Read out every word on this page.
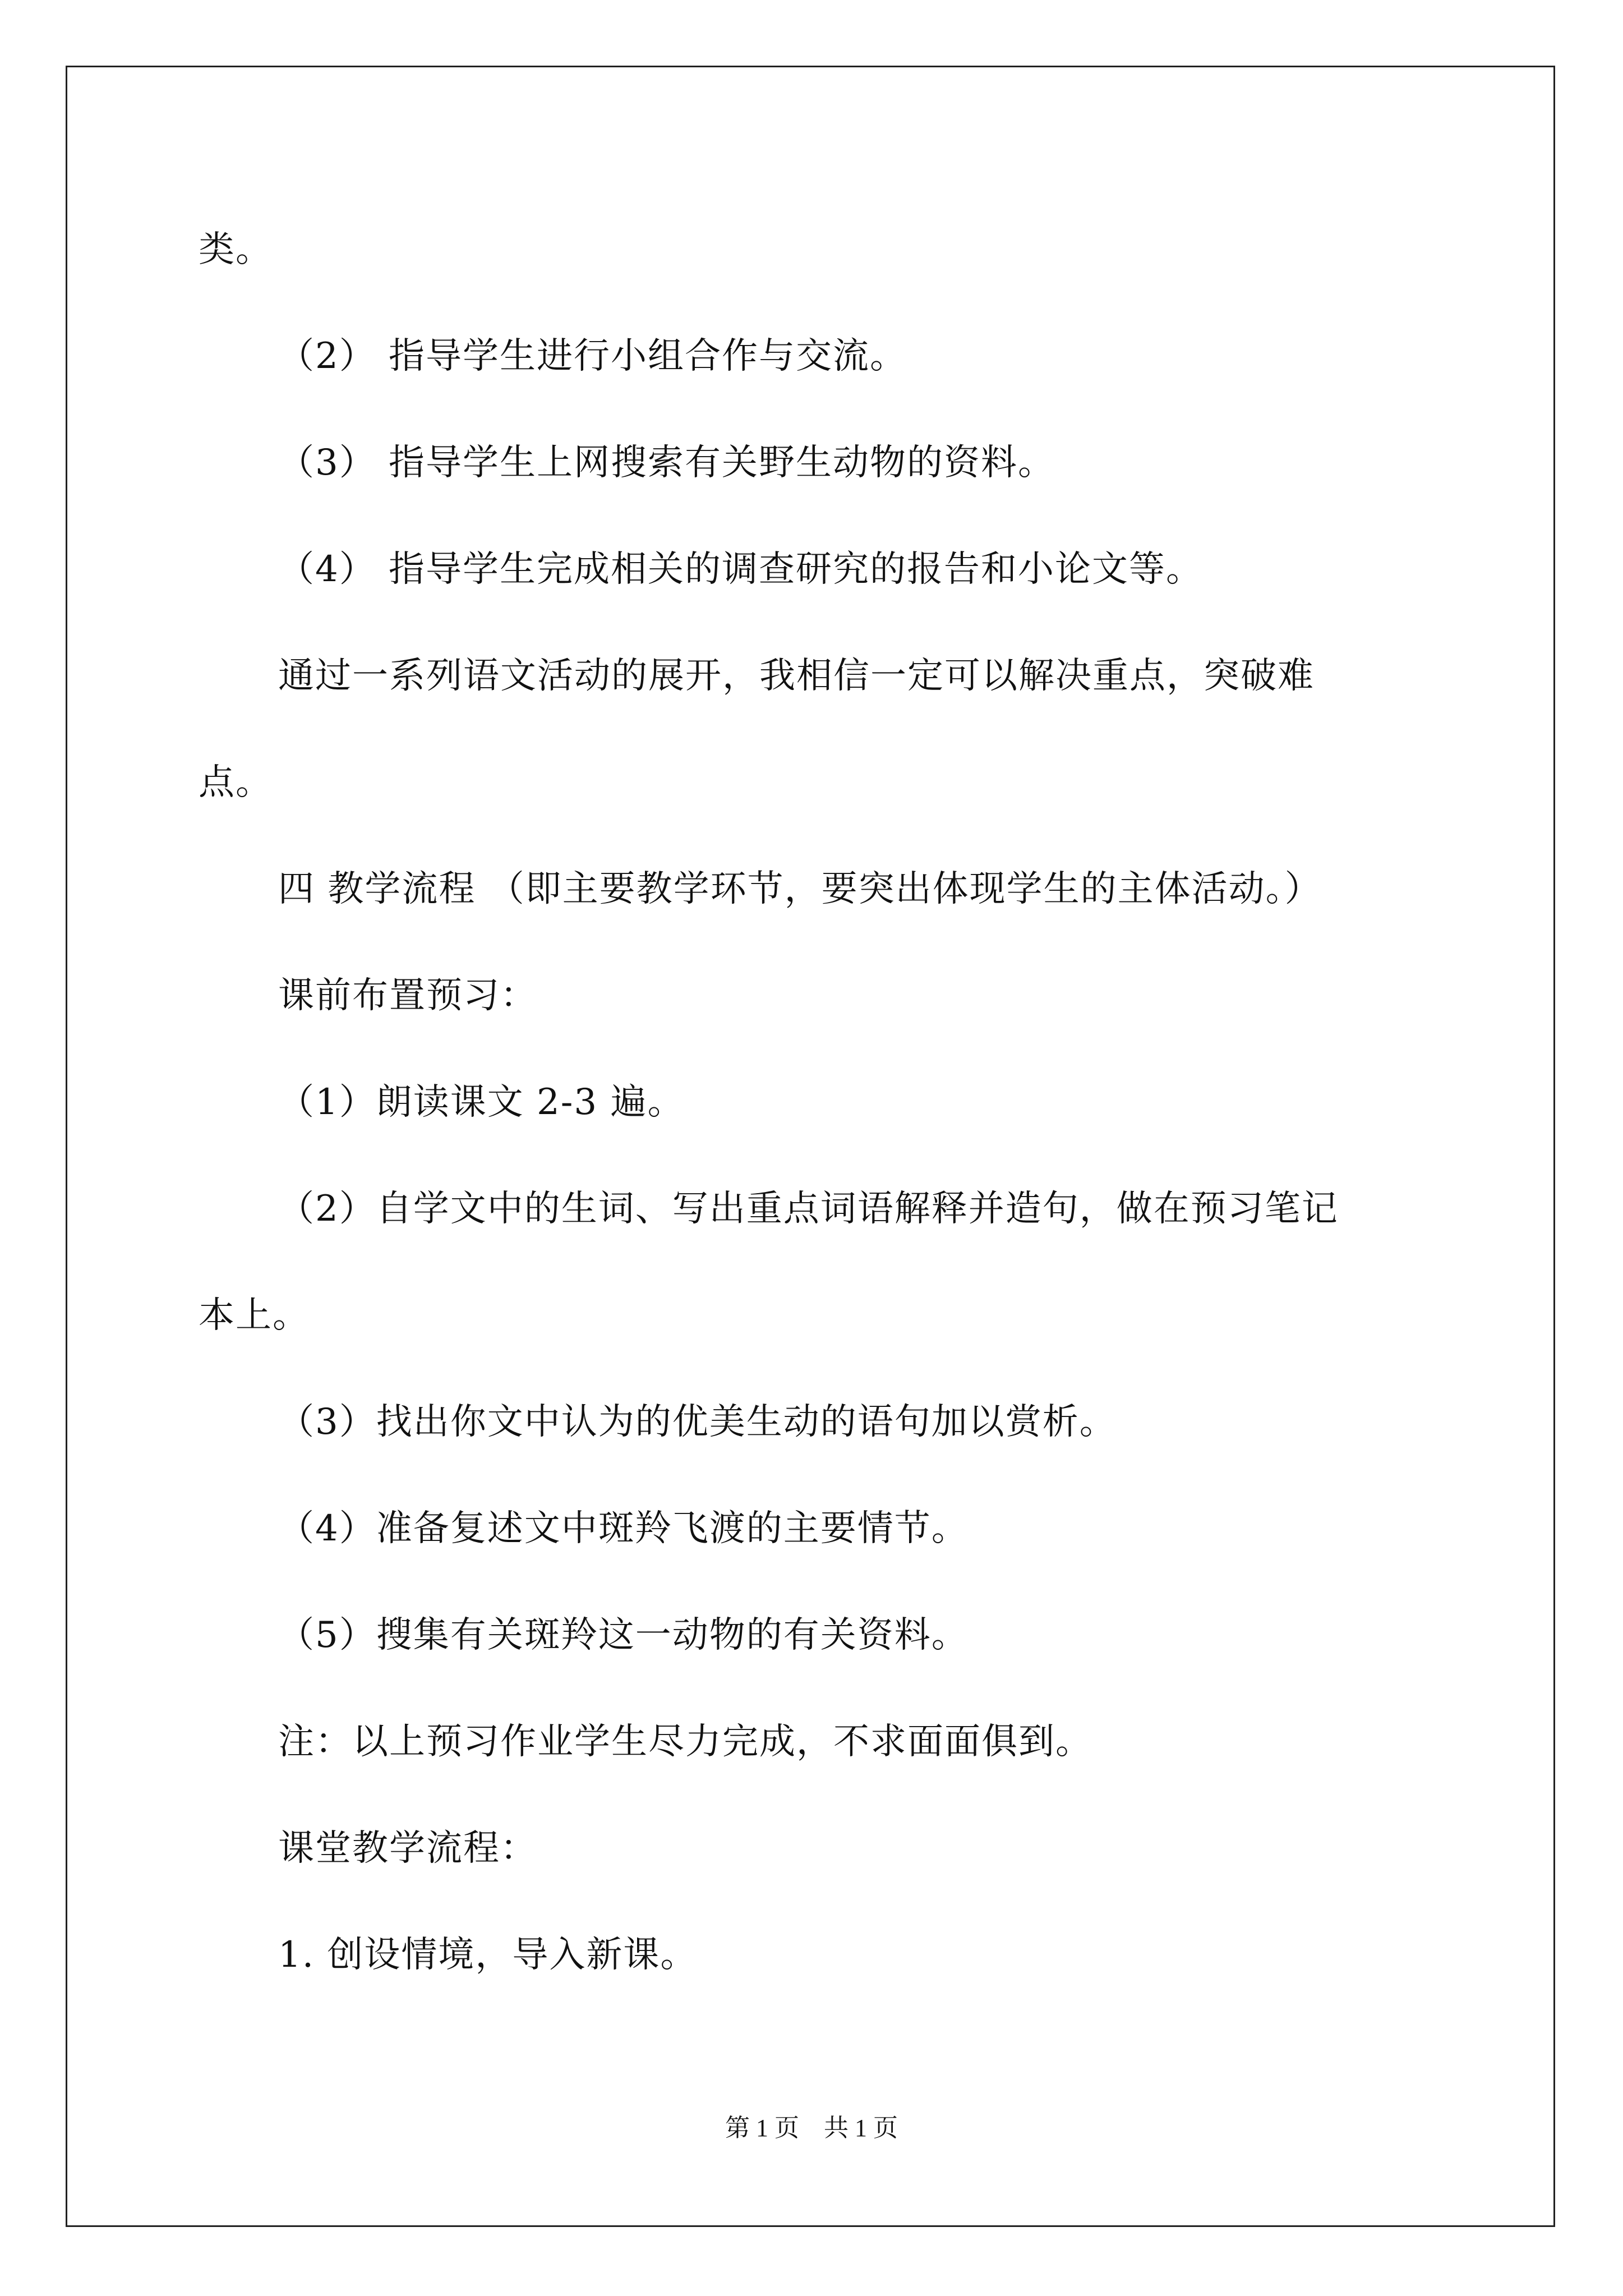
类。
（2） 指导学生进行小组合作与交流。
（3） 指导学生上网搜索有关野生动物的资料。
（4） 指导学生完成相关的调查研究的报告和小论文等。
通过一系列语文活动的展开，我相信一定可以解决重点，突破难
点。
四 教学流程 （即主要教学环节，要突出体现学生的主体活动。）
课前布置预习：
（1）朗读课文 2-3 遍。
（2）自学文中的生词、写出重点词语解释并造句，做在预习笔记
本上。
（3）找出你文中认为的优美生动的语句加以赏析。
（4）准备复述文中斑羚飞渡的主要情节。
（5）搜集有关斑羚这一动物的有关资料。
注：以上预习作业学生尽力完成，不求面面俱到。
课堂教学流程：
1. 创设情境，导入新课。
第 1 页　共 1 页
